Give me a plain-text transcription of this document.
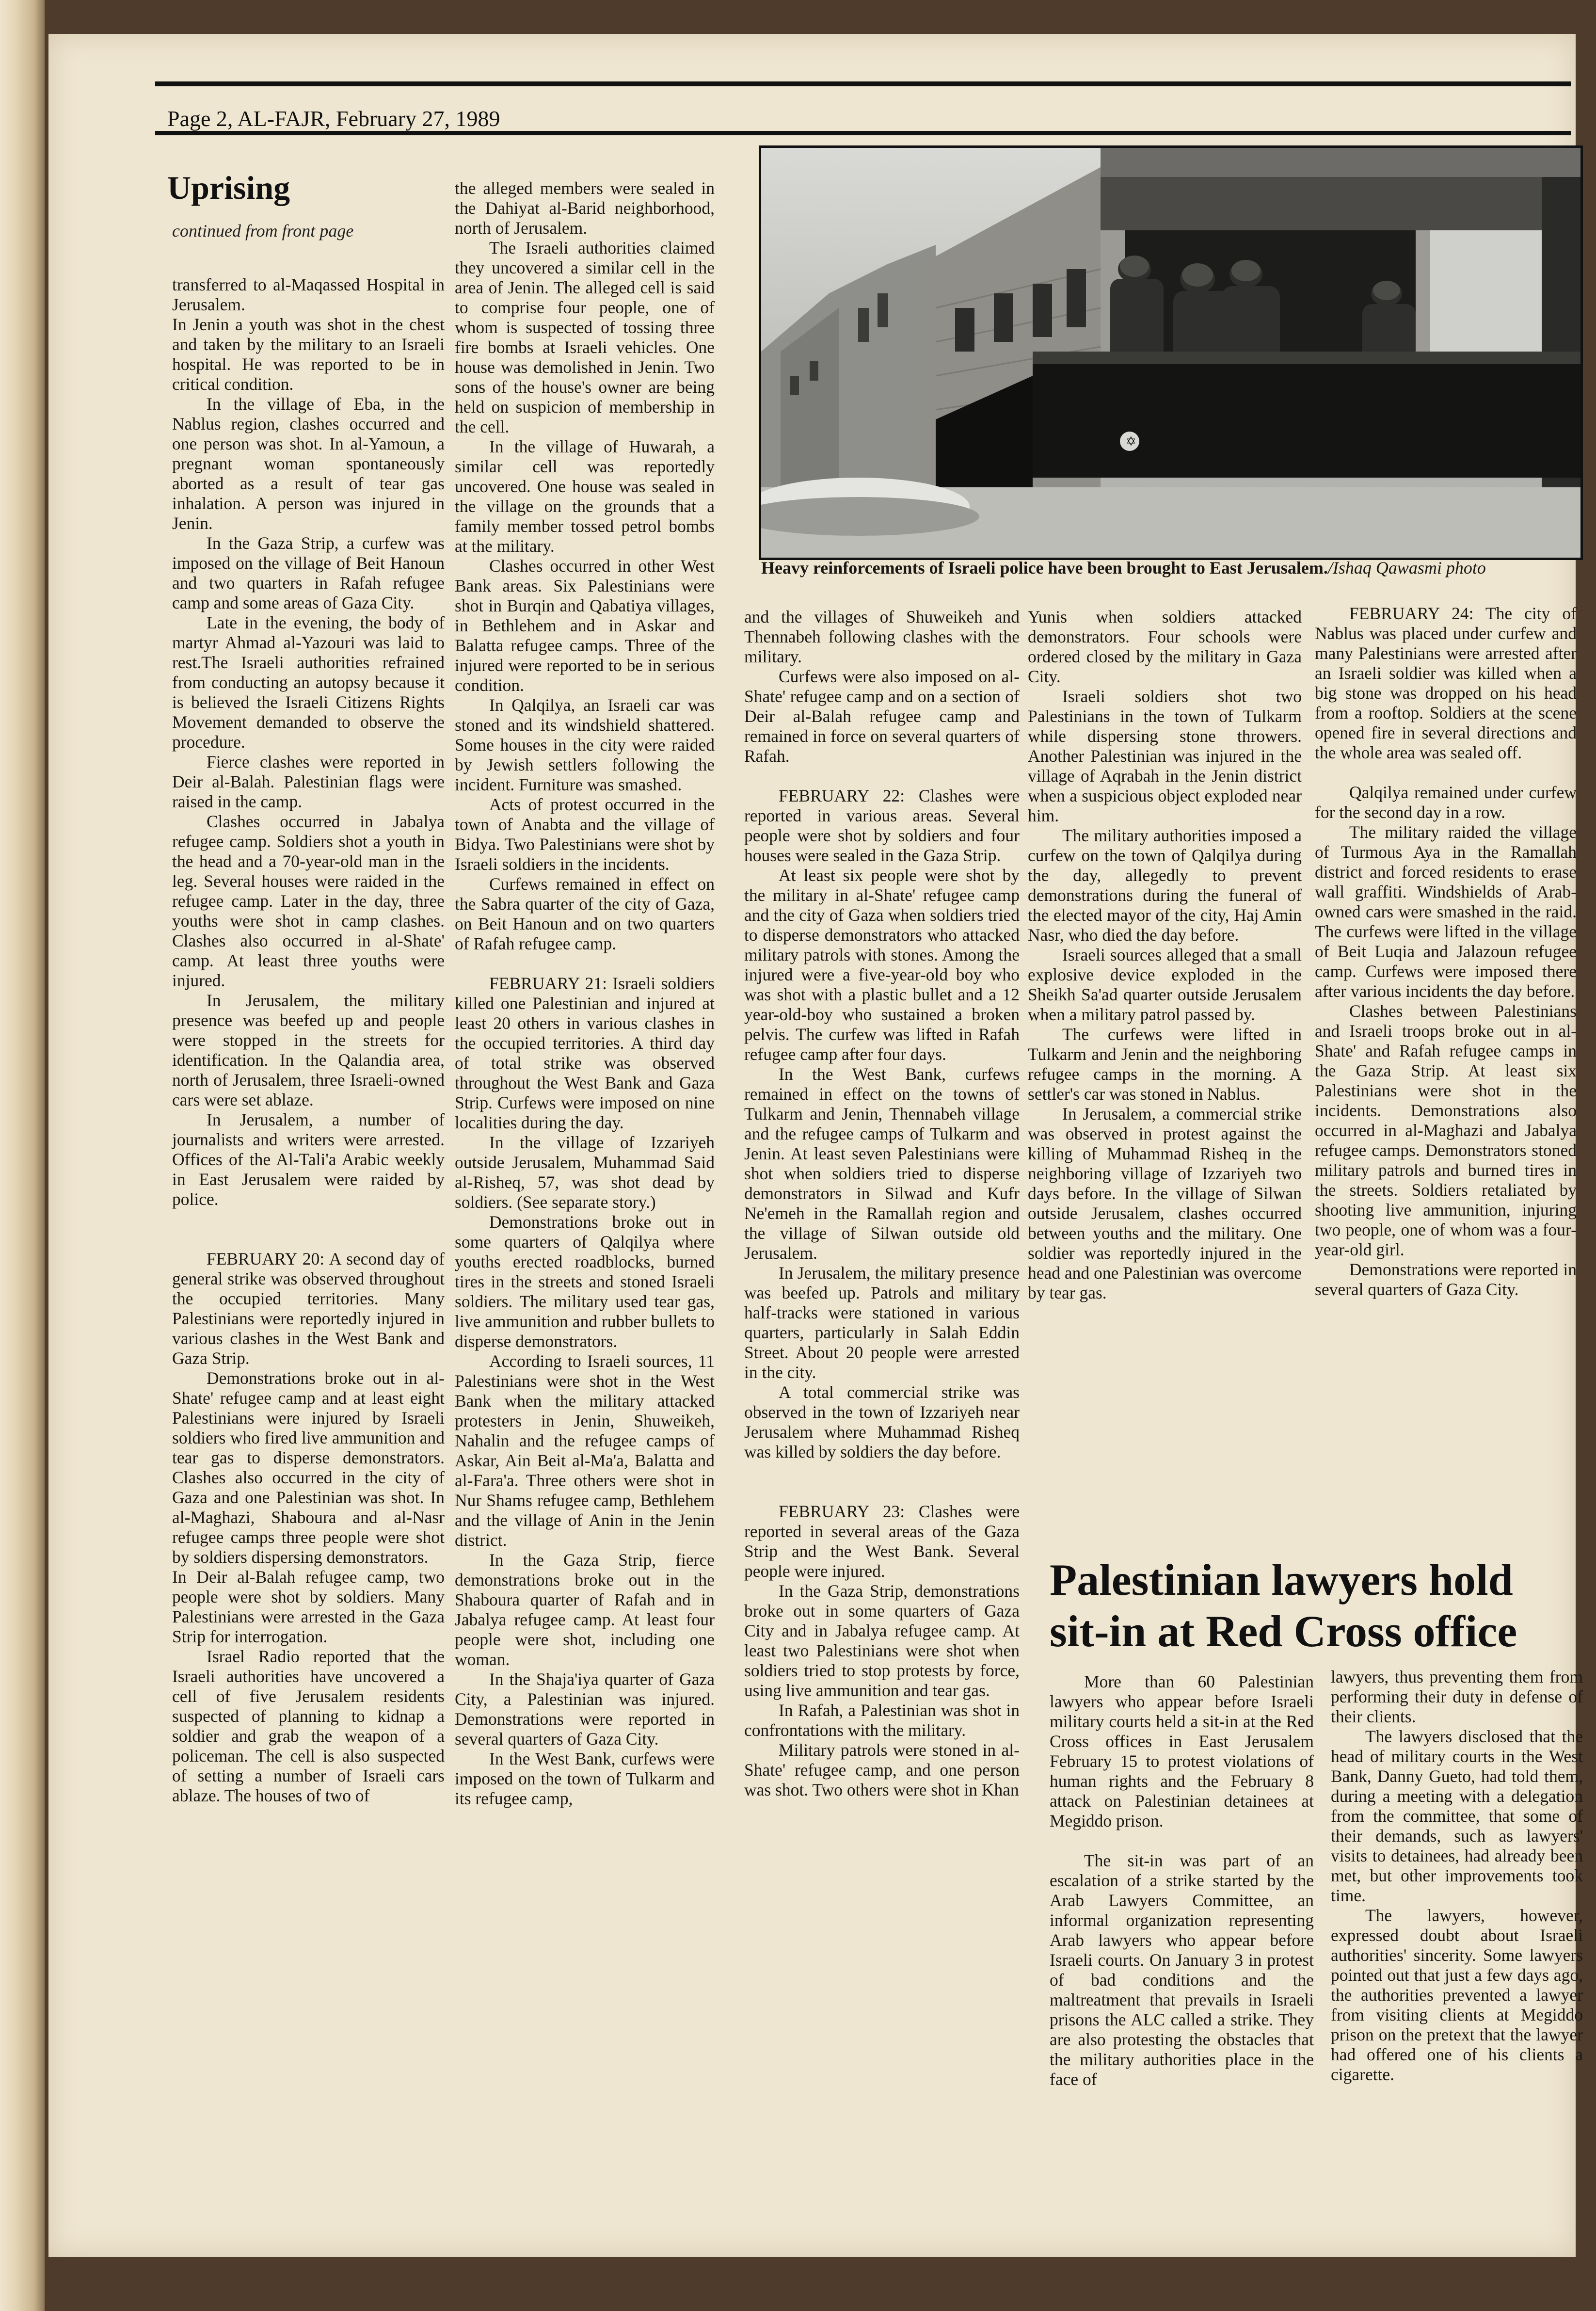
Page 2, AL-FAJR, February 27, 1989
Uprising
continued from front page

transferred to al-Maqassed Hospital in Jerusalem.

In Jenin a youth was shot in the chest and taken by the military to an Israeli hospital. He was reported to be in critical condition.

In the village of Eba, in the Nablus region, clashes occurred and one person was shot. In al-Yamoun, a pregnant woman spontaneously aborted as a result of tear gas inhalation. A person was injured in Jenin.

In the Gaza Strip, a curfew was imposed on the village of Beit Hanoun and two quarters in Rafah refugee camp and some areas of Gaza City.

Late in the evening, the body of martyr Ahmad al-Yazouri was laid to rest.The Israeli authorities refrained from conducting an autopsy because it is believed the Israeli Citizens Rights Movement demanded to observe the procedure.

Fierce clashes were reported in Deir al-Balah. Palestinian flags were raised in the camp.

Clashes occurred in Jabalya refugee camp. Soldiers shot a youth in the head and a 70-year-old man in the leg. Several houses were raided in the refugee camp. Later in the day, three youths were shot in camp clashes. Clashes also occurred in al-Shate' camp. At least three youths were injured.

In Jerusalem, the military presence was beefed up and people were stopped in the streets for identification. In the Qalandia area, north of Jerusalem, three Israeli-owned cars were set ablaze.

In Jerusalem, a number of journalists and writers were arrested. Offices of the Al-Tali'a Arabic weekly in East Jerusalem were raided by police.

FEBRUARY 20: A second day of general strike was observed throughout the occupied territories. Many Palestinians were reportedly injured in various clashes in the West Bank and Gaza Strip.

Demonstrations broke out in al-Shate' refugee camp and at least eight Palestinians were injured by Israeli soldiers who fired live ammunition and tear gas to disperse demonstrators. Clashes also occurred in the city of Gaza and one Palestinian was shot. In al-Maghazi, Shaboura and al-Nasr refugee camps three people were shot by soldiers dispersing demonstrators.

In Deir al-Balah refugee camp, two people were shot by soldiers. Many Palestinians were arrested in the Gaza Strip for interrogation.

Israel Radio reported that the Israeli authorities have uncovered a cell of five Jerusalem residents suspected of planning to kidnap a soldier and grab the weapon of a policeman. The cell is also suspected of setting a number of Israeli cars ablaze. The houses of two of

the alleged members were sealed in the Dahiyat al-Barid neighborhood, north of Jerusalem.

The Israeli authorities claimed they uncovered a similar cell in the area of Jenin. The alleged cell is said to comprise four people, one of whom is suspected of tossing three fire bombs at Israeli vehicles. One house was demolished in Jenin. Two sons of the house's owner are being held on suspicion of membership in the cell.

In the village of Huwarah, a similar cell was reportedly uncovered. One house was sealed in the village on the grounds that a family member tossed petrol bombs at the military.

Clashes occurred in other West Bank areas. Six Palestinians were shot in Burqin and Qabatiya villages, in Bethlehem and in Askar and Balatta refugee camps. Three of the injured were reported to be in serious condition.

In Qalqilya, an Israeli car was stoned and its windshield shattered. Some houses in the city were raided by Jewish settlers following the incident. Furniture was smashed.

Acts of protest occurred in the town of Anabta and the village of Bidya. Two Palestinians were shot by Israeli soldiers in the incidents.

Curfews remained in effect on the Sabra quarter of the city of Gaza, on Beit Hanoun and on two quarters of Rafah refugee camp.

FEBRUARY 21: Israeli soldiers killed one Palestinian and injured at least 20 others in various clashes in the occupied territories. A third day of total strike was observed throughout the West Bank and Gaza Strip. Curfews were imposed on nine localities during the day.

In the village of Izzariyeh outside Jerusalem, Muhammad Said al-Risheq, 57, was shot dead by soldiers. (See separate story.)

Demonstrations broke out in some quarters of Qalqilya where youths erected roadblocks, burned tires in the streets and stoned Israeli soldiers. The military used tear gas, live ammunition and rubber bullets to disperse demonstrators.

According to Israeli sources, 11 Palestinians were shot in the West Bank when the military attacked protesters in Jenin, Shuweikeh, Nahalin and the refugee camps of Askar, Ain Beit al-Ma'a, Balatta and al-Fara'a. Three others were shot in Nur Shams refugee camp, Bethlehem and the village of Anin in the Jenin district.

In the Gaza Strip, fierce demonstrations broke out in the Shaboura quarter of Rafah and in Jabalya refugee camp. At least four people were shot, including one woman.

In the Shaja'iya quarter of Gaza City, a Palestinian was injured. Demonstrations were reported in several quarters of Gaza City.

In the West Bank, curfews were imposed on the town of Tulkarm and its refugee camp,

✡
Heavy reinforcements of Israeli police have been brought to East Jerusalem./Ishaq Qawasmi photo

and the villages of Shuweikeh and Thennabeh following clashes with the military.

Curfews were also imposed on al-Shate' refugee camp and on a section of Deir al-Balah refugee camp and remained in force on several quarters of Rafah.

FEBRUARY 22: Clashes were reported in various areas. Several people were shot by soldiers and four houses were sealed in the Gaza Strip.

At least six people were shot by the military in al-Shate' refugee camp and the city of Gaza when soldiers tried to disperse demonstrators who attacked military patrols with stones. Among the injured were a five-year-old boy who was shot with a plastic bullet and a 12 year-old-boy who sustained a broken pelvis. The curfew was lifted in Rafah refugee camp after four days.

In the West Bank, curfews remained in effect on the towns of Tulkarm and Jenin, Thennabeh village and the refugee camps of Tulkarm and Jenin. At least seven Palestinians were shot when soldiers tried to disperse demonstrators in Silwad and Kufr Ne'emeh in the Ramallah region and the village of Silwan outside old Jerusalem.

In Jerusalem, the military presence was beefed up. Patrols and military half-tracks were stationed in various quarters, particularly in Salah Eddin Street. About 20 people were arrested in the city.

A total commercial strike was observed in the town of Izzariyeh near Jerusalem where Muhammad Risheq was killed by soldiers the day before.

FEBRUARY 23: Clashes were reported in several areas of the Gaza Strip and the West Bank. Several people were injured.

In the Gaza Strip, demonstrations broke out in some quarters of Gaza City and in Jabalya refugee camp. At least two Palestinians were shot when soldiers tried to stop protests by force, using live ammunition and tear gas.

In Rafah, a Palestinian was shot in confrontations with the military.

Military patrols were stoned in al-Shate' refugee camp, and one person was shot. Two others were shot in Khan

Yunis when soldiers attacked demonstrators. Four schools were ordered closed by the military in Gaza City.

Israeli soldiers shot two Palestinians in the town of Tulkarm while dispersing stone throwers. Another Palestinian was injured in the village of Aqrabah in the Jenin district when a suspicious object exploded near him.

The military authorities imposed a curfew on the town of Qalqilya during the day, allegedly to prevent demonstrations during the funeral of the elected mayor of the city, Haj Amin Nasr, who died the day before.

Israeli sources alleged that a small explosive device exploded in the Sheikh Sa'ad quarter outside Jerusalem when a military patrol passed by.

The curfews were lifted in Tulkarm and Jenin and the neighboring refugee camps in the morning. A settler's car was stoned in Nablus.

In Jerusalem, a commercial strike was observed in protest against the killing of Muhammad Risheq in the neighboring village of Izzariyeh two days before. In the village of Silwan outside Jerusalem, clashes occurred between youths and the military. One soldier was reportedly injured in the head and one Palestinian was overcome by tear gas.

FEBRUARY 24: The city of Nablus was placed under curfew and many Palestinians were arrested after an Israeli soldier was killed when a big stone was dropped on his head from a rooftop. Soldiers at the scene opened fire in several directions and the whole area was sealed off.

Qalqilya remained under curfew for the second day in a row.

The military raided the village of Turmous Aya in the Ramallah district and forced residents to erase wall graffiti. Windshields of Arab-owned cars were smashed in the raid. The curfews were lifted in the village of Beit Luqia and Jalazoun refugee camp. Curfews were imposed there after various incidents the day before.

Clashes between Palestinians and Israeli troops broke out in al-Shate' and Rafah refugee camps in the Gaza Strip. At least six Palestinians were shot in the incidents. Demonstrations also occurred in al-Maghazi and Jabalya refugee camps. Demonstrators stoned military patrols and burned tires in the streets. Soldiers retaliated by shooting live ammunition, injuring two people, one of whom was a four-year-old girl.

Demonstrations were reported in several quarters of Gaza City.

Palestinian lawyers hold sit-in at Red Cross office

More than 60 Palestinian lawyers who appear before Israeli military courts held a sit-in at the Red Cross offices in East Jerusalem February 15 to protest violations of human rights and the February 8 attack on Palestinian detainees at Megiddo prison.

The sit-in was part of an escalation of a strike started by the Arab Lawyers Committee, an informal organization representing Arab lawyers who appear before Israeli courts. On January 3 in protest of bad conditions and the maltreatment that prevails in Israeli prisons the ALC called a strike. They are also protesting the obstacles that the military authorities place in the face of

lawyers, thus preventing them from performing their duty in defense of their clients.

The lawyers disclosed that the head of military courts in the West Bank, Danny Gueto, had told them, during a meeting with a delegation from the committee, that some of their demands, such as lawyers' visits to detainees, had already been met, but other improvements took time.

The lawyers, however, expressed doubt about Israeli authorities' sincerity. Some lawyers pointed out that just a few days ago, the authorities prevented a lawyer from visiting clients at Megiddo prison on the pretext that the lawyer had offered one of his clients a cigarette.
